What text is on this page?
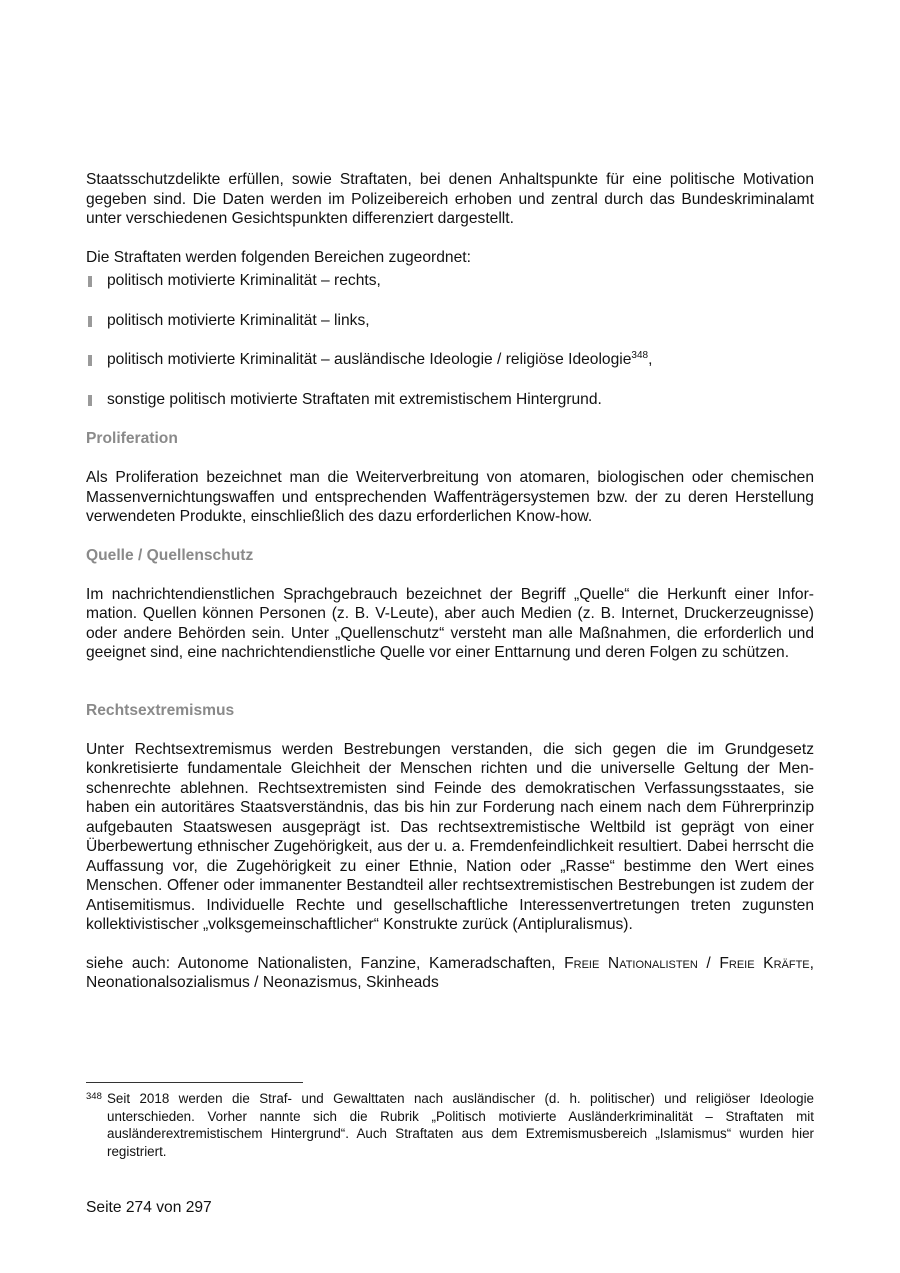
Staatsschutzdelikte erfüllen, sowie Straftaten, bei denen Anhaltspunkte für eine politische Motivation gegeben sind. Die Daten werden im Polizeibereich erhoben und zentral durch das Bundeskriminalamt unter verschiedenen Gesichtspunkten differenziert dargestellt.

Die Straftaten werden folgenden Bereichen zugeordnet:

politisch motivierte Kriminalität – rechts,
politisch motivierte Kriminalität – links,
politisch motivierte Kriminalität – ausländische Ideologie / religiöse Ideologie$^{348}$,
sonstige politisch motivierte Straftaten mit extremistischem Hintergrund.
Proliferation

Als Proliferation bezeichnet man die Weiterverbreitung von atomaren, biologischen oder chemischen Massenvernichtungswaffen und entsprechenden Waffenträgersystemen bzw. der zu deren Herstellung verwendeten Produkte, einschließlich des dazu erforderlichen Know-how.

Quelle / Quellenschutz

Im nachrichtendienstlichen Sprachgebrauch bezeichnet der Begriff „Quelle“ die Herkunft einer Information. Quellen können Personen (z. B. V-Leute), aber auch Medien (z. B. Internet, Druckerzeugnisse) oder andere Behörden sein. Unter „Quellenschutz“ versteht man alle Maßnahmen, die erforderlich und geeignet sind, eine nachrichtendienstliche Quelle vor einer Enttarnung und deren Folgen zu schützen.

Rechtsextremismus

Unter Rechtsextremismus werden Bestrebungen verstanden, die sich gegen die im Grundgesetz konkretisierte fundamentale Gleichheit der Menschen richten und die universelle Geltung der Menschenrechte ablehnen. Rechtsextremisten sind Feinde des demokratischen Verfassungsstaates, sie haben ein autoritäres Staatsverständnis, das bis hin zur Forderung nach einem nach dem Führerprinzip aufgebauten Staatswesen ausgeprägt ist. Das rechtsextremistische Weltbild ist geprägt von einer Überbewertung ethnischer Zugehörigkeit, aus der u. a. Fremdenfeindlichkeit resultiert. Dabei herrscht die Auffassung vor, die Zugehörigkeit zu einer Ethnie, Nation oder „Rasse“ bestimme den Wert eines Menschen. Offener oder immanenter Bestandteil aller rechtsextremistischen Bestrebungen ist zudem der Antisemitismus. Individuelle Rechte und gesellschaftliche Interessenvertretungen treten zugunsten kollektivistischer „volksgemeinschaftlicher“ Konstrukte zurück (Antipluralismus).

siehe auch: Autonome Nationalisten, Fanzine, Kameradschaften, Freie Nationalisten / Freie Kräfte, Neonationalsozialismus / Neonazismus, Skinheads

348 Seit 2018 werden die Straf- und Gewalttaten nach ausländischer (d. h. politischer) und religiöser Ideologie unterschieden. Vorher nannte sich die Rubrik „Politisch motivierte Ausländerkriminalität – Straftaten mit ausländerextremistischem Hintergrund“. Auch Straftaten aus dem Extremismusbereich „Islamismus“ wurden hier registriert.
Seite 274 von 297
